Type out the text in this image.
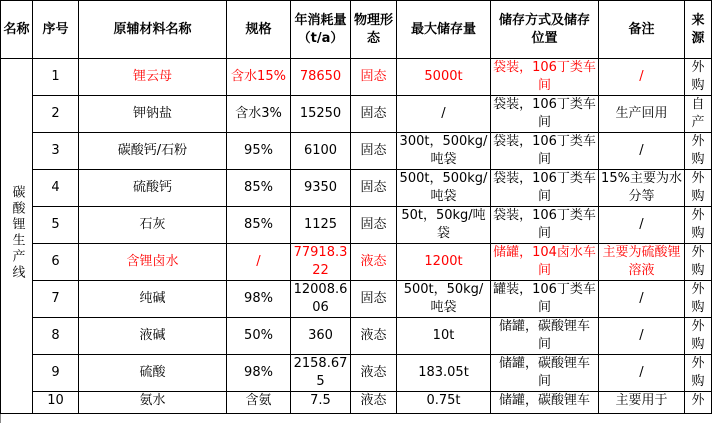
名称	序号	原辅材料名称	规格	年消耗量（t/a）	物理形态	最大储存量	储存方式及储存位置	备注	来源
碳酸锂生产线	1	锂云母	含水15%	78650	固态	5000t	袋装，106丁类车间	/	外购
	2	钾钠盐	含水3%	15250	固态	/	袋装，106丁类车间	生产回用	自产
	3	碳酸钙/石粉	95%	6100	固态	300t，500kg/吨袋	袋装，106丁类车间	/	外购
	4	硫酸钙	85%	9350	固态	500t，500kg/吨袋	袋装，106丁类车间	15%主要为水分等	外购
	5	石灰	85%	1125	固态	50t，50kg/吨袋	袋装，106丁类车间	/	外购
	6	含锂卤水	/	77918.322	液态	1200t	储罐，104卤水车间	主要为硫酸锂溶液	外购
	7	纯碱	98%	12008.606	固态	500t，50kg/吨袋	罐装，106丁类车间	/	外购
	8	液碱	50%	360	液态	10t	储罐，碳酸锂车间	/	外购
	9	硫酸	98%	2158.675	液态	183.05t	储罐，碳酸锂车间	/	外购
	10	氨水	含氨	7.5	液态	0.75t	储罐，碳酸锂车	主要用于	外
